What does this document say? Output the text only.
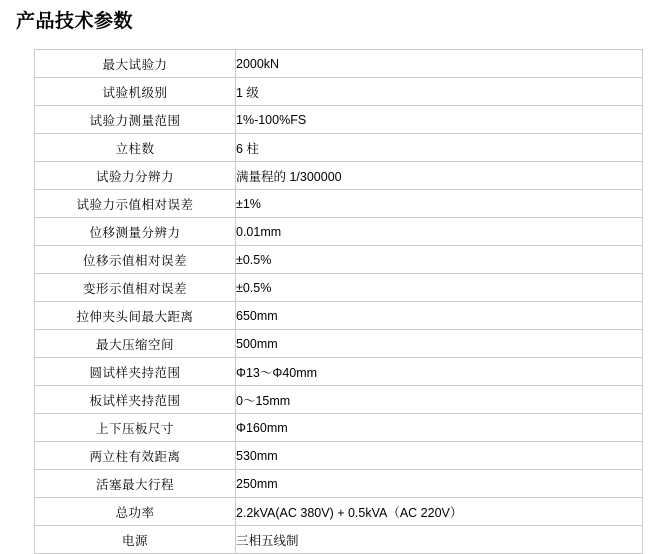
产品技术参数
最大试验力	2000kN
试验机级别	1 级
试验力测量范围	1%-100%FS
立柱数	6 柱
试验力分辨力	满量程的 1/300000
试验力示值相对误差	±1%
位移测量分辨力	0.01mm
位移示值相对误差	±0.5%
变形示值相对误差	±0.5%
拉伸夹头间最大距离	650mm
最大压缩空间	500mm
圆试样夹持范围	Φ13～Φ40mm
板试样夹持范围	0～15mm
上下压板尺寸	Φ160mm
两立柱有效距离	530mm
活塞最大行程	250mm
总功率	2.2kVA(AC 380V) + 0.5kVA（AC 220V）
电源	三相五线制
